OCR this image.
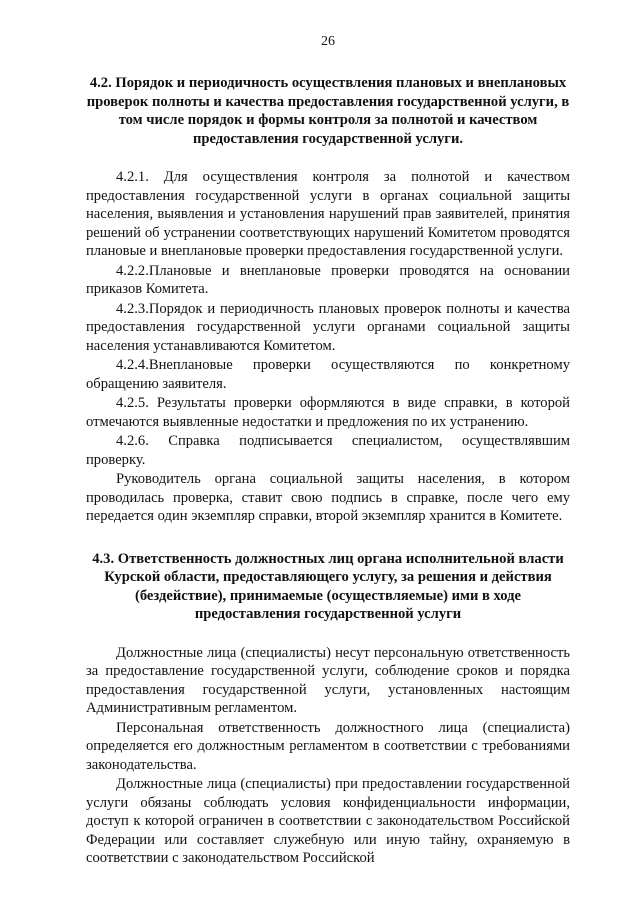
26
4.2. Порядок и периодичность осуществления плановых и внеплановых проверок полноты и качества предоставления государственной услуги, в том числе порядок и формы контроля за полнотой и качеством предоставления государственной услуги.

4.2.1. Для осуществления контроля за полнотой и качеством предоставления государственной услуги в органах социальной защиты населения, выявления и установления нарушений прав заявителей, принятия решений об устранении соответствующих нарушений Комитетом проводятся плановые и внеплановые проверки предоставления государственной услуги.

4.2.2.Плановые и внеплановые проверки проводятся на основании приказов Комитета.

4.2.3.Порядок и периодичность плановых проверок полноты и качества предоставления государственной услуги органами социальной защиты населения устанавливаются Комитетом.

4.2.4.Внеплановые проверки осуществляются по конкретному обращению заявителя.

4.2.5. Результаты проверки оформляются в виде справки, в которой отмечаются выявленные недостатки и предложения по их устранению.

4.2.6. Справка подписывается специалистом, осуществлявшим проверку.

Руководитель органа социальной защиты населения, в котором проводилась проверка, ставит свою подпись в справке, после чего ему передается один экземпляр справки, второй экземпляр хранится в Комитете.

4.3. Ответственность должностных лиц органа исполнительной власти Курской области, предоставляющего услугу, за решения и действия (бездействие), принимаемые (осуществляемые) ими в ходе предоставления государственной услуги

Должностные лица (специалисты) несут персональную ответственность за предоставление государственной услуги, соблюдение сроков и порядка предоставления государственной услуги, установленных настоящим Административным регламентом.

Персональная ответственность должностного лица (специалиста) определяется его должностным регламентом в соответствии с требованиями законодательства.

Должностные лица (специалисты) при предоставлении государственной услуги обязаны соблюдать условия конфиденциальности информации, доступ к которой ограничен в соответствии с законодательством Российской Федерации или составляет служебную или иную тайну, охраняемую в соответствии с законодательством Российской
